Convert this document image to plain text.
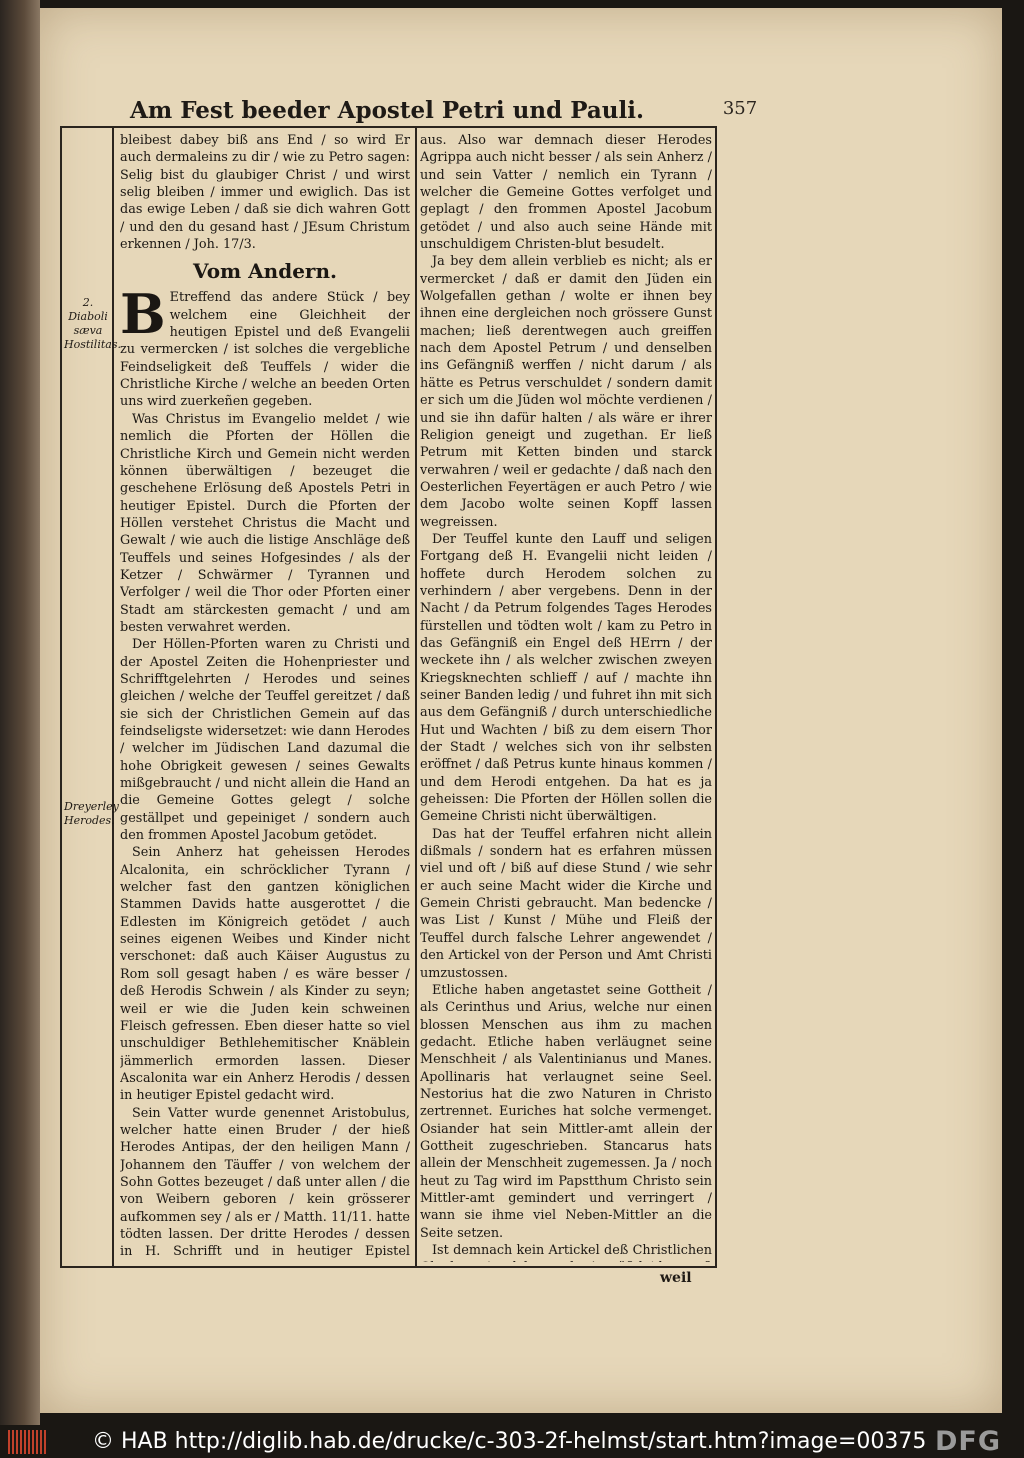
Am Fest beeder Apostel Petri und Pauli.	357
2. Diaboli sæva Hostilitas.
Dreyerley Herodes.

bleibest dabey biß ans End / so wird Er auch dermaleins zu dir / wie zu Petro sagen: Selig bist du glaubiger Christ / und wirst selig bleiben / immer und ewiglich. Das ist das ewige Leben / daß sie dich wahren Gott / und den du gesand hast / JEsum Christum erkennen / Joh. 17/3.

Vom Andern.

B Etreffend das andere Stück / bey welchem eine Gleichheit der heutigen Epistel und deß Evangelii zu vermercken / ist solches die vergebliche Feindseligkeit deß Teuffels / wider die Christliche Kirche / welche an beeden Orten uns wird zuerkeñen gegeben.

Was Christus im Evangelio meldet / wie nemlich die Pforten der Höllen die Christliche Kirch und Gemein nicht werden können überwältigen / bezeuget die geschehene Erlösung deß Apostels Petri in heutiger Epistel. Durch die Pforten der Höllen verstehet Christus die Macht und Gewalt / wie auch die listige Anschläge deß Teuffels und seines Hofgesindes / als der Ketzer / Schwärmer / Tyrannen und Verfolger / weil die Thor oder Pforten einer Stadt am stärckesten gemacht / und am besten verwahret werden.

Der Höllen-Pforten waren zu Christi und der Apostel Zeiten die Hohenpriester und Schrifftgelehrten / Herodes und seines gleichen / welche der Teuffel gereitzet / daß sie sich der Christlichen Gemein auf das feindseligste widersetzet: wie dann Herodes / welcher im Jüdischen Land dazumal die hohe Obrigkeit gewesen / seines Gewalts mißgebraucht / und nicht allein die Hand an die Gemeine Gottes gelegt / solche geställpet und gepeiniget / sondern auch den frommen Apostel Jacobum getödet.

Sein Anherz hat geheissen Herodes Alcalonita, ein schröcklicher Tyrann / welcher fast den gantzen königlichen Stammen Davids hatte ausgerottet / die Edlesten im Königreich getödet / auch seines eigenen Weibes und Kinder nicht verschonet: daß auch Käiser Augustus zu Rom soll gesagt haben / es wäre besser / deß Herodis Schwein / als Kinder zu seyn; weil er wie die Juden kein schweinen Fleisch gefressen. Eben dieser hatte so viel unschuldiger Bethlehemitischer Knäblein jämmerlich ermorden lassen. Dieser Ascalonita war ein Anherz Herodis / dessen in heutiger Epistel gedacht wird.

Sein Vatter wurde genennet Aristobulus, welcher hatte einen Bruder / der hieß Herodes Antipas, der den heiligen Mann / Johannem den Täuffer / von welchem der Sohn Gottes bezeuget / daß unter allen / die von Weibern geboren / kein grösserer aufkommen sey / als er / Matth. 11/11. hatte tödten lassen. Der dritte Herodes / dessen in H. Schrifft und in heutiger Epistel

aus. Also war demnach dieser Herodes Agrippa auch nicht besser / als sein Anherz / und sein Vatter / nemlich ein Tyrann / welcher die Gemeine Gottes verfolget und geplagt / den frommen Apostel Jacobum getödet / und also auch seine Hände mit unschuldigem Christen-blut besudelt.

Ja bey dem allein verblieb es nicht; als er vermercket / daß er damit den Jüden ein Wolgefallen gethan / wolte er ihnen bey ihnen eine dergleichen noch grössere Gunst machen; ließ derentwegen auch greiffen nach dem Apostel Petrum / und denselben ins Gefängniß werffen / nicht darum / als hätte es Petrus verschuldet / sondern damit er sich um die Jüden wol möchte verdienen / und sie ihn dafür halten / als wäre er ihrer Religion geneigt und zugethan. Er ließ Petrum mit Ketten binden und starck verwahren / weil er gedachte / daß nach den Oesterlichen Feyertägen er auch Petro / wie dem Jacobo wolte seinen Kopff lassen wegreissen.

Der Teuffel kunte den Lauff und seligen Fortgang deß H. Evangelii nicht leiden / hoffete durch Herodem solchen zu verhindern / aber vergebens. Denn in der Nacht / da Petrum folgendes Tages Herodes fürstellen und tödten wolt / kam zu Petro in das Gefängniß ein Engel deß HErrn / der weckete ihn / als welcher zwischen zweyen Kriegsknechten schlieff / auf / machte ihn seiner Banden ledig / und fuhret ihn mit sich aus dem Gefängniß / durch unterschiedliche Hut und Wachten / biß zu dem eisern Thor der Stadt / welches sich von ihr selbsten eröffnet / daß Petrus kunte hinaus kommen / und dem Herodi entgehen. Da hat es ja geheissen: Die Pforten der Höllen sollen die Gemeine Christi nicht überwältigen.

Das hat der Teuffel erfahren nicht allein dißmals / sondern hat es erfahren müssen viel und oft / biß auf diese Stund / wie sehr er auch seine Macht wider die Kirche und Gemein Christi gebraucht. Man bedencke / was List / Kunst / Mühe und Fleiß der Teuffel durch falsche Lehrer angewendet / den Artickel von der Person und Amt Christi umzustossen.

Etliche haben angetastet seine Gottheit / als Cerinthus und Arius, welche nur einen blossen Menschen aus ihm zu machen gedacht. Etliche haben verläugnet seine Menschheit / als Valentinianus und Manes. Apollinaris hat verlaugnet seine Seel. Nestorius hat die zwo Naturen in Christo zertrennet. Euriches hat solche vermenget. Osiander hat sein Mittler-amt allein der Gottheit zugeschrieben. Stancarus hats allein der Menschheit zugemessen. Ja / noch heut zu Tag wird im Papstthum Christo sein Mittler-amt gemindert und verringert / wann sie ihme viel Neben-Mittler an die Seite setzen.

Ist demnach kein Artickel deß Christlichen

weil
© HAB http://diglib.hab.de/drucke/c-303-2f-helmst/start.htm?image=00375 DFG
